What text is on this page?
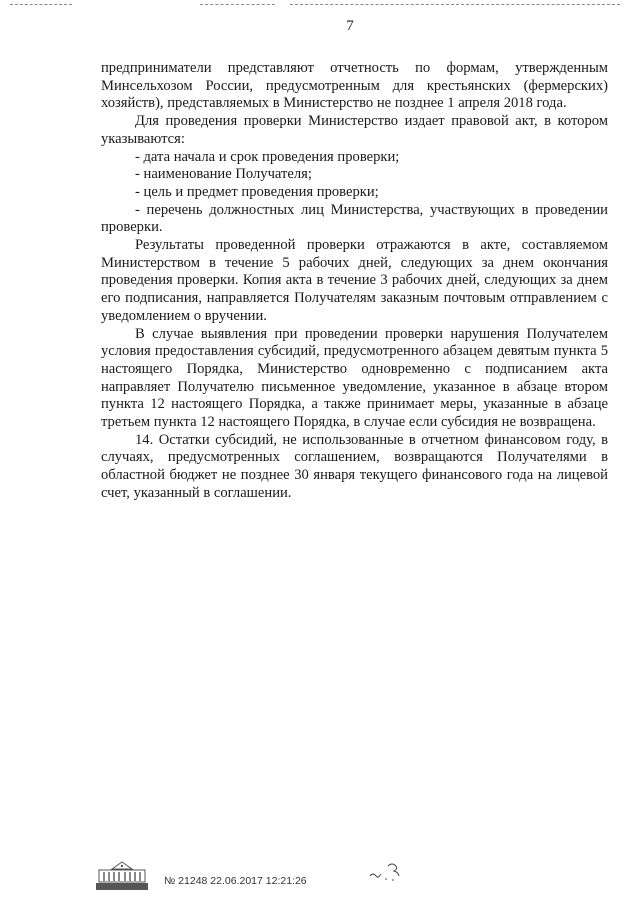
7

предприниматели представляют отчетность по формам, утвержденным Минсельхозом России, предусмотренным для крестьянских (фермерских) хозяйств), представляемых в Министерство не позднее 1 апреля 2018 года.

Для проведения проверки Министерство издает правовой акт, в котором указываются:

- дата начала и срок проведения проверки;

- наименование Получателя;

- цель и предмет проведения проверки;

- перечень должностных лиц Министерства, участвующих в проведении проверки.

Результаты проведенной проверки отражаются в акте, составляемом Министерством в течение 5 рабочих дней, следующих за днем окончания проведения проверки. Копия акта в течение 3 рабочих дней, следующих за днем его подписания, направляется Получателям заказным почтовым отправлением с уведомлением о вручении.

В случае выявления при проведении проверки нарушения Получателем условия предоставления субсидий, предусмотренного абзацем девятым пункта 5 настоящего Порядка, Министерство одновременно с подписанием акта направляет Получателю письменное уведомление, указанное в абзаце втором пункта 12 настоящего Порядка, а также принимает меры, указанные в абзаце третьем пункта 12 настоящего Порядка, в случае если субсидия не возвращена.

14. Остатки субсидий, не использованные в отчетном финансовом году, в случаях, предусмотренных соглашением, возвращаются Получателями в областной бюджет не позднее 30 января текущего финансового года на лицевой счет, указанный в соглашении.

№ 21248 22.06.2017 12:21:26
